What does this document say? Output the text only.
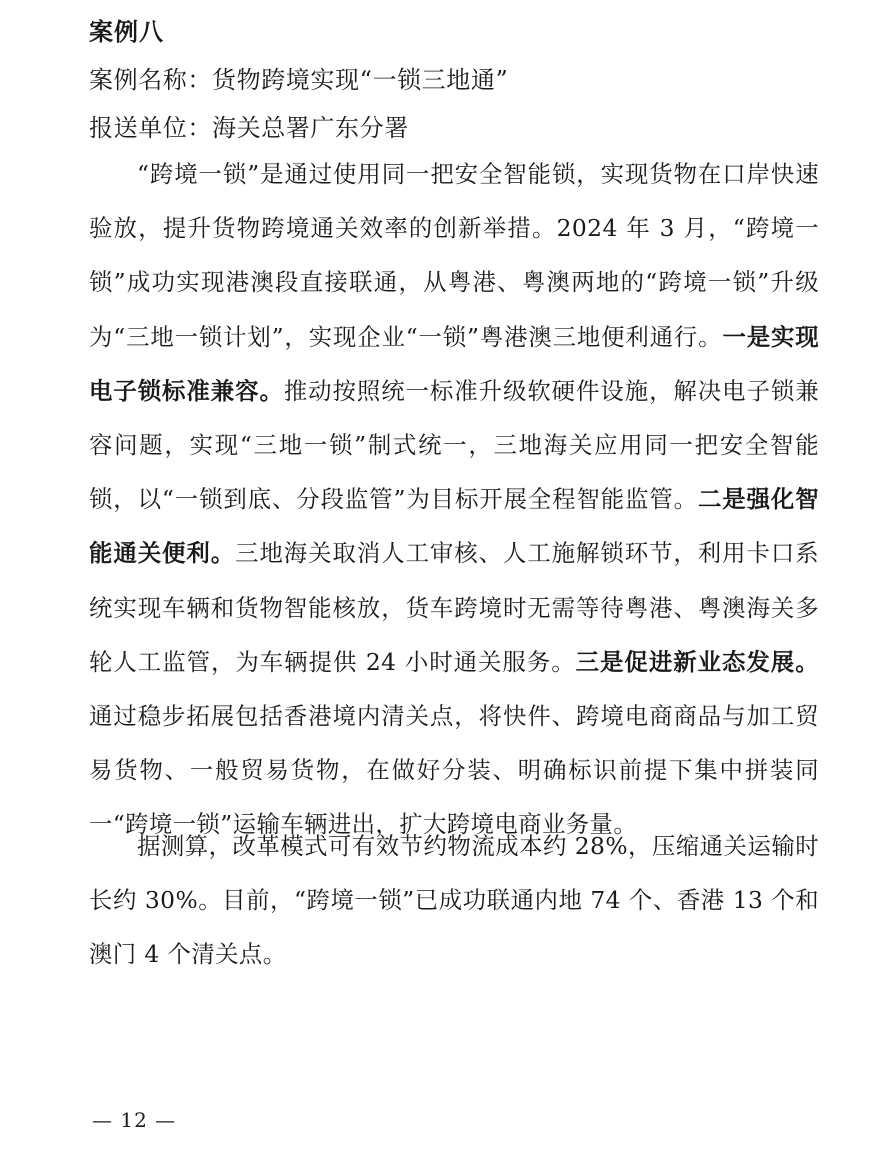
案例八
案例名称：货物跨境实现“一锁三地通”
报送单位：海关总署广东分署
“跨境一锁”是通过使用同一把安全智能锁，实现货物在口岸快速验放，提升货物跨境通关效率的创新举措。2024 年 3 月，“跨境一锁”成功实现港澳段直接联通，从粤港、粤澳两地的“跨境一锁”升级为“三地一锁计划”，实现企业“一锁”粤港澳三地便利通行。一是实现电子锁标准兼容。推动按照统一标准升级软硬件设施，解决电子锁兼容问题，实现“三地一锁”制式统一，三地海关应用同一把安全智能锁，以“一锁到底、分段监管”为目标开展全程智能监管。二是强化智能通关便利。三地海关取消人工审核、人工施解锁环节，利用卡口系统实现车辆和货物智能核放，货车跨境时无需等待粤港、粤澳海关多轮人工监管，为车辆提供 24 小时通关服务。三是促进新业态发展。通过稳步拓展包括香港境内清关点，将快件、跨境电商商品与加工贸易货物、一般贸易货物，在做好分装、明确标识前提下集中拼装同一“跨境一锁”运输车辆进出，扩大跨境电商业务量。
据测算，改革模式可有效节约物流成本约 28%，压缩通关运输时长约 30%。目前，“跨境一锁”已成功联通内地 74 个、香港 13 个和澳门 4 个清关点。
— 12 —
